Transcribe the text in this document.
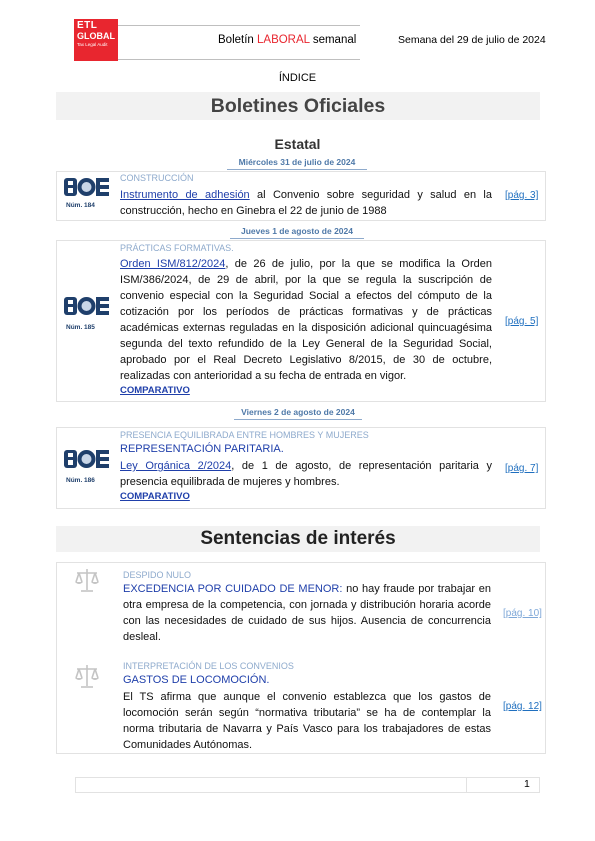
ETL
GLOBAL
Tax Legal Audit	Boletín LABORAL semanal	Semana del 29 de julio de 2024
ÍNDICE
Boletines Oficiales
Estatal
Miércoles 31 de julio de 2024
Núm. 184
CONSTRUCCIÓN
Instrumento de adhesión al Convenio sobre seguridad y salud en la construcción, hecho en Ginebra el 22 de junio de 1988
[pág. 3]
Jueves 1 de agosto de 2024
Núm. 185
PRÁCTICAS FORMATIVAS.
Orden ISM/812/2024, de 26 de julio, por la que se modifica la Orden ISM/386/2024, de 29 de abril, por la que se regula la suscripción de convenio especial con la Seguridad Social a efectos del cómputo de la cotización por los períodos de prácticas formativas y de prácticas académicas externas reguladas en la disposición adicional quincuagésima segunda del texto refundido de la Ley General de la Seguridad Social, aprobado por el Real Decreto Legislativo 8/2015, de 30 de octubre, realizadas con anterioridad a su fecha de entrada en vigor.
COMPARATIVO
[pág. 5]
Viernes 2 de agosto de 2024
Núm. 186
PRESENCIA EQUILIBRADA ENTRE HOMBRES Y MUJERES
REPRESENTACIÓN PARITARIA.
Ley Orgánica 2/2024, de 1 de agosto, de representación paritaria y presencia equilibrada de mujeres y hombres.
COMPARATIVO
[pág. 7]
Sentencias de interés
DESPIDO NULO
EXCEDENCIA POR CUIDADO DE MENOR: no hay fraude por trabajar en otra empresa de la competencia, con jornada y distribución horaria acorde con las necesidades de cuidado de sus hijos. Ausencia de concurrencia desleal.
[pág. 10]
INTERPRETACIÓN DE LOS CONVENIOS
GASTOS DE LOCOMOCIÓN.
El TS afirma que aunque el convenio establezca que los gastos de locomoción serán según “normativa tributaria” se ha de contemplar la norma tributaria de Navarra y País Vasco para los trabajadores de estas Comunidades Autónomas.
[pág. 12]
1
